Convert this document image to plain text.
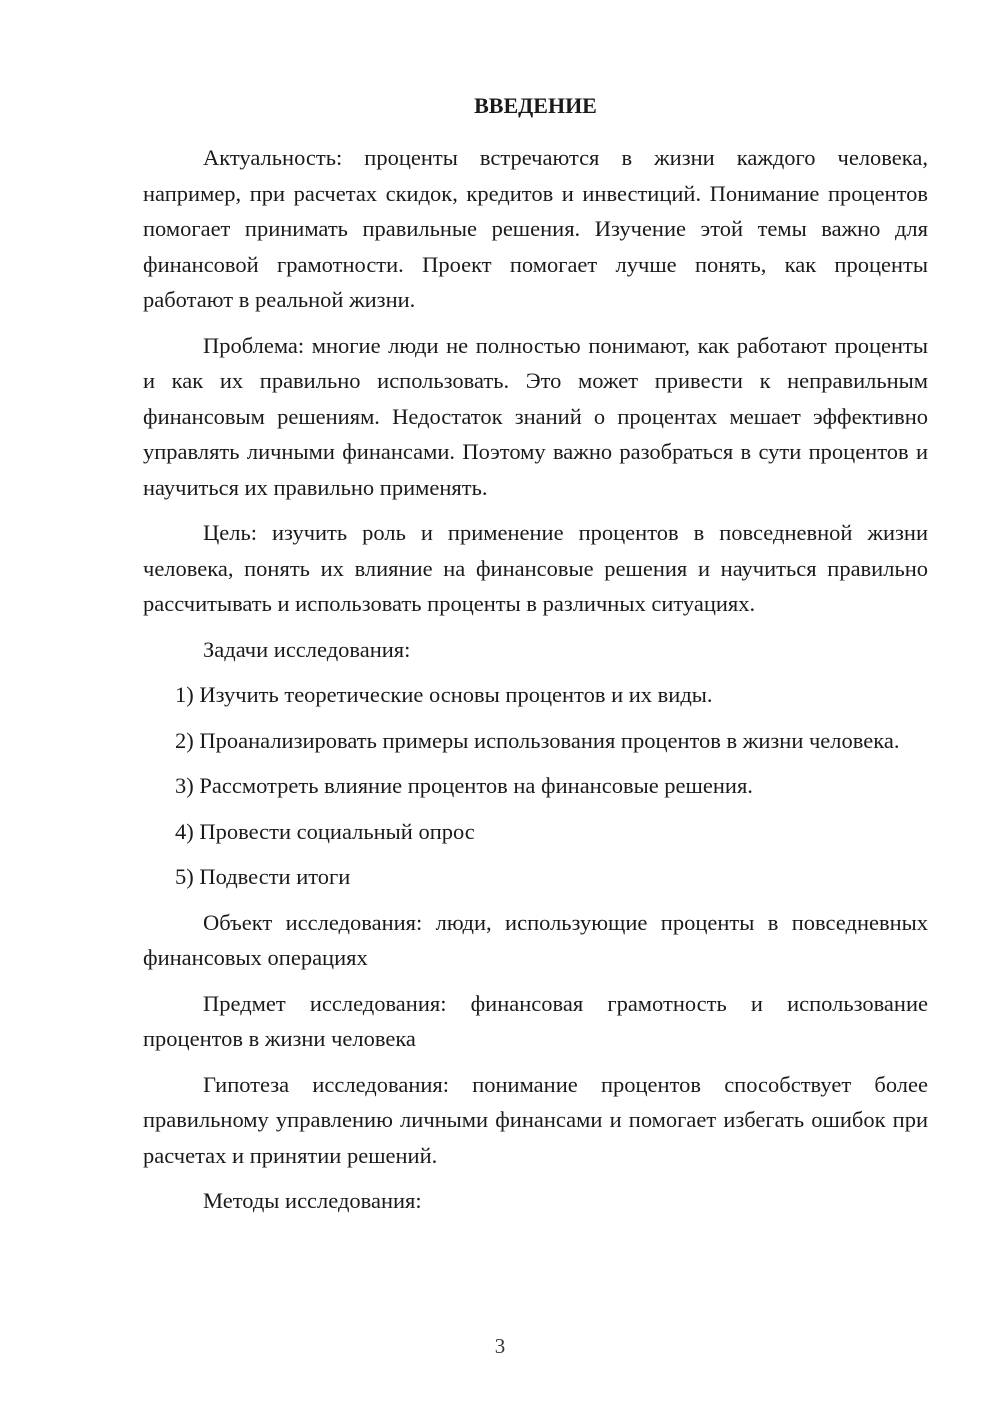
ВВЕДЕНИЕ

Актуальность: проценты встречаются в жизни каждого человека, например, при расчетах скидок, кредитов и инвестиций. Понимание процентов помогает принимать правильные решения. Изучение этой темы важно для финансовой грамотности. Проект помогает лучше понять, как проценты работают в реальной жизни.

Проблема: многие люди не полностью понимают, как работают проценты и как их правильно использовать. Это может привести к неправильным финансовым решениям. Недостаток знаний о процентах мешает эффективно управлять личными финансами. Поэтому важно разобраться в сути процентов и научиться их правильно применять.

Цель: изучить роль и применение процентов в повседневной жизни человека, понять их влияние на финансовые решения и научиться правильно рассчитывать и использовать проценты в различных ситуациях.

Задачи исследования:

1) Изучить теоретические основы процентов и их виды.

2) Проанализировать примеры использования процентов в жизни человека.

3) Рассмотреть влияние процентов на финансовые решения.

4) Провести социальный опрос

5) Подвести итоги

Объект исследования: люди, использующие проценты в повседневных финансовых операциях

Предмет исследования: финансовая грамотность и использование процентов в жизни человека

Гипотеза исследования: понимание процентов способствует более правильному управлению личными финансами и помогает избегать ошибок при расчетах и принятии решений.

Методы исследования:

3
